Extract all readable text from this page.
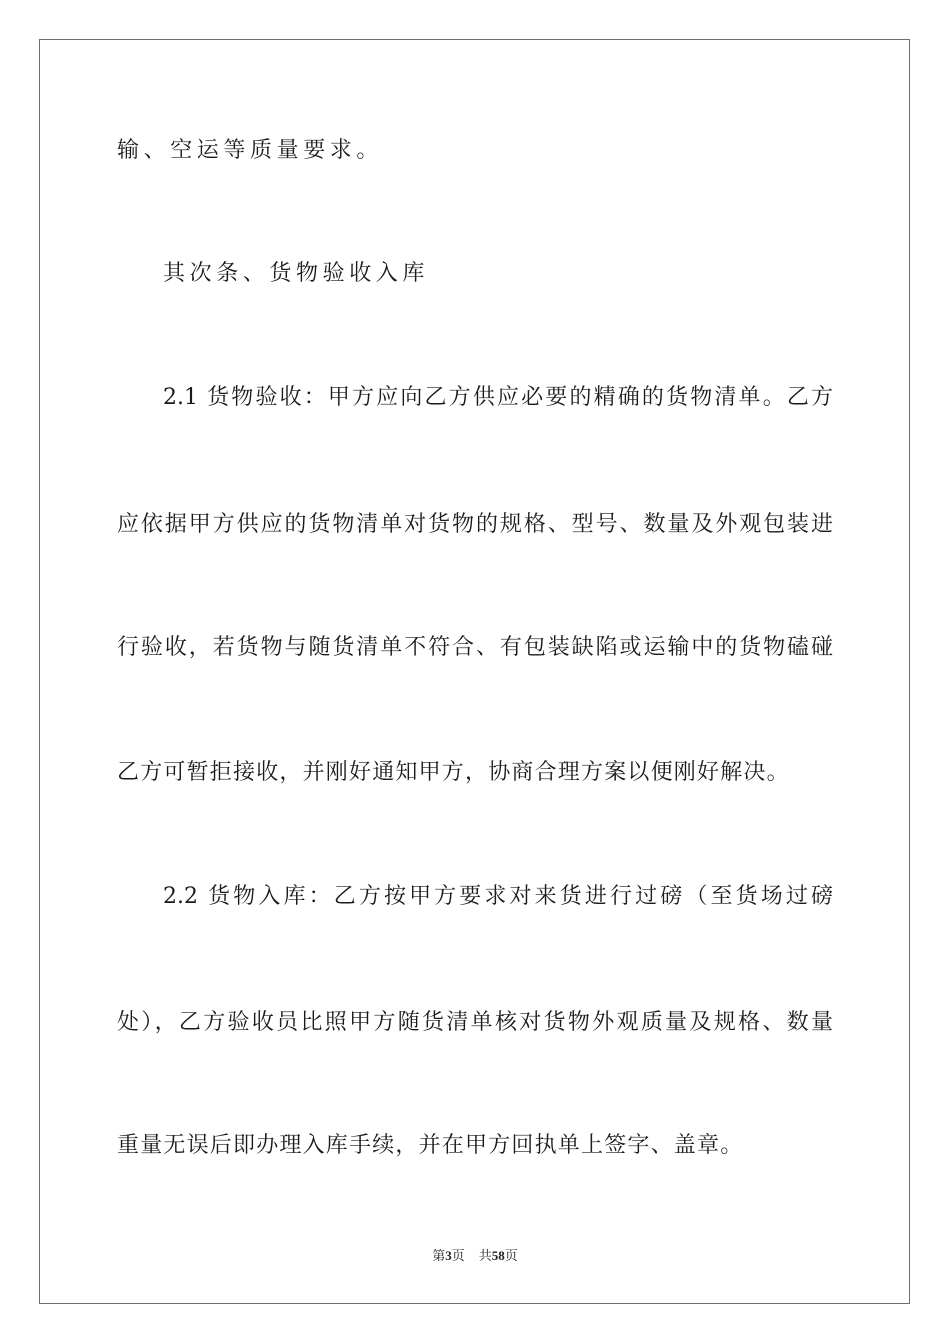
输、空运等质量要求。

其次条、货物验收入库

2.1 货物验收：甲方应向乙方供应必要的精确的货物清单。乙方

应依据甲方供应的货物清单对货物的规格、型号、数量及外观包装进

行验收，若货物与随货清单不符合、有包装缺陷或运输中的货物磕碰

乙方可暂拒接收，并刚好通知甲方，协商合理方案以便刚好解决。

2.2 货物入库：乙方按甲方要求对来货进行过磅（至货场过磅

处），乙方验收员比照甲方随货清单核对货物外观质量及规格、数量

重量无误后即办理入库手续，并在甲方回执单上签字、盖章。

第3页 共58页
